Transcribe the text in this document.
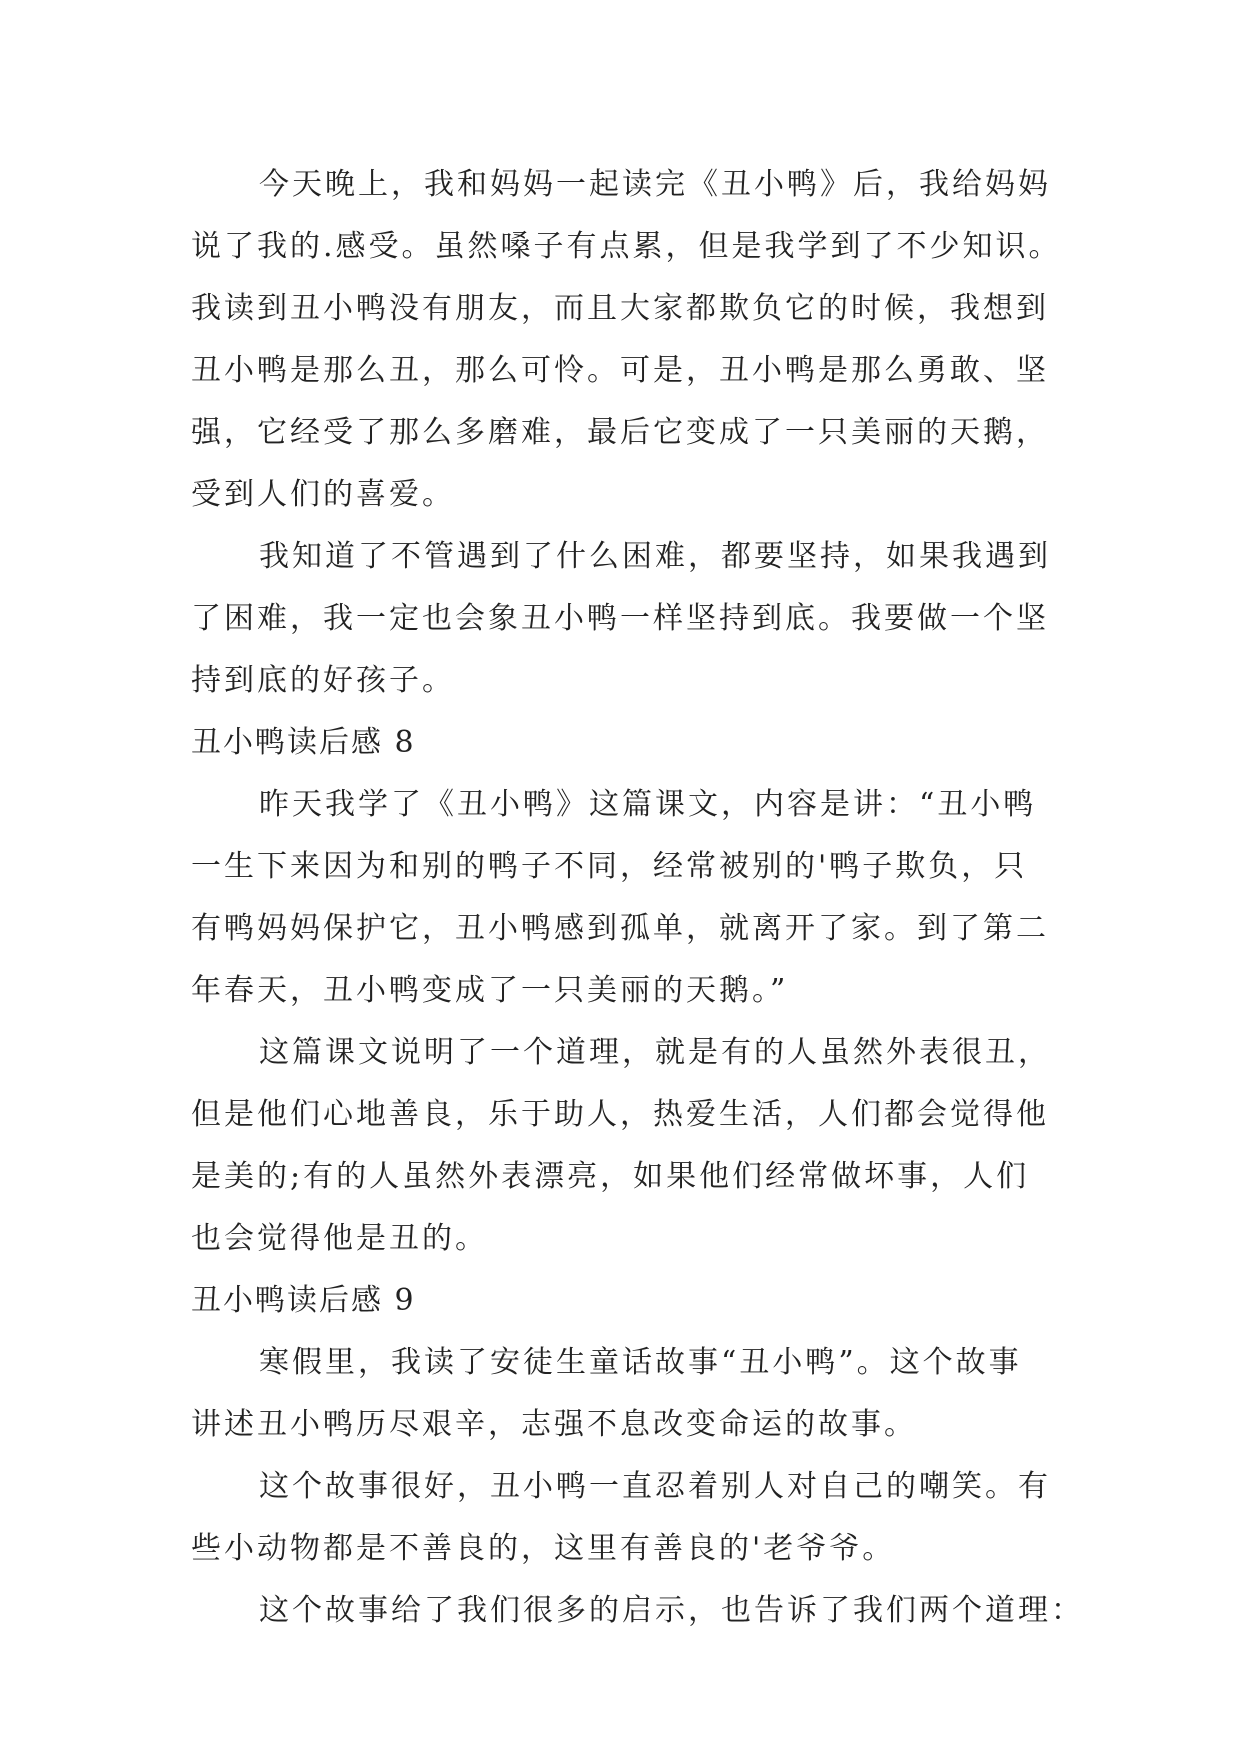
今天晚上，我和妈妈一起读完《丑小鸭》后，我给妈妈
说了我的.感受。虽然嗓子有点累，但是我学到了不少知识。
我读到丑小鸭没有朋友，而且大家都欺负它的时候，我想到
丑小鸭是那么丑，那么可怜。可是，丑小鸭是那么勇敢、坚
强，它经受了那么多磨难，最后它变成了一只美丽的天鹅，
受到人们的喜爱。
我知道了不管遇到了什么困难，都要坚持，如果我遇到
了困难，我一定也会象丑小鸭一样坚持到底。我要做一个坚
持到底的好孩子。
丑小鸭读后感 8
昨天我学了《丑小鸭》这篇课文，内容是讲：“丑小鸭
一生下来因为和别的鸭子不同，经常被别的'鸭子欺负，只
有鸭妈妈保护它，丑小鸭感到孤单，就离开了家。到了第二
年春天，丑小鸭变成了一只美丽的天鹅。”
这篇课文说明了一个道理，就是有的人虽然外表很丑，
但是他们心地善良，乐于助人，热爱生活，人们都会觉得他
是美的;有的人虽然外表漂亮，如果他们经常做坏事，人们
也会觉得他是丑的。
丑小鸭读后感 9
寒假里，我读了安徒生童话故事“丑小鸭”。这个故事
讲述丑小鸭历尽艰辛，志强不息改变命运的故事。
这个故事很好，丑小鸭一直忍着别人对自己的嘲笑。有
些小动物都是不善良的，这里有善良的'老爷爷。
这个故事给了我们很多的启示，也告诉了我们两个道理：
